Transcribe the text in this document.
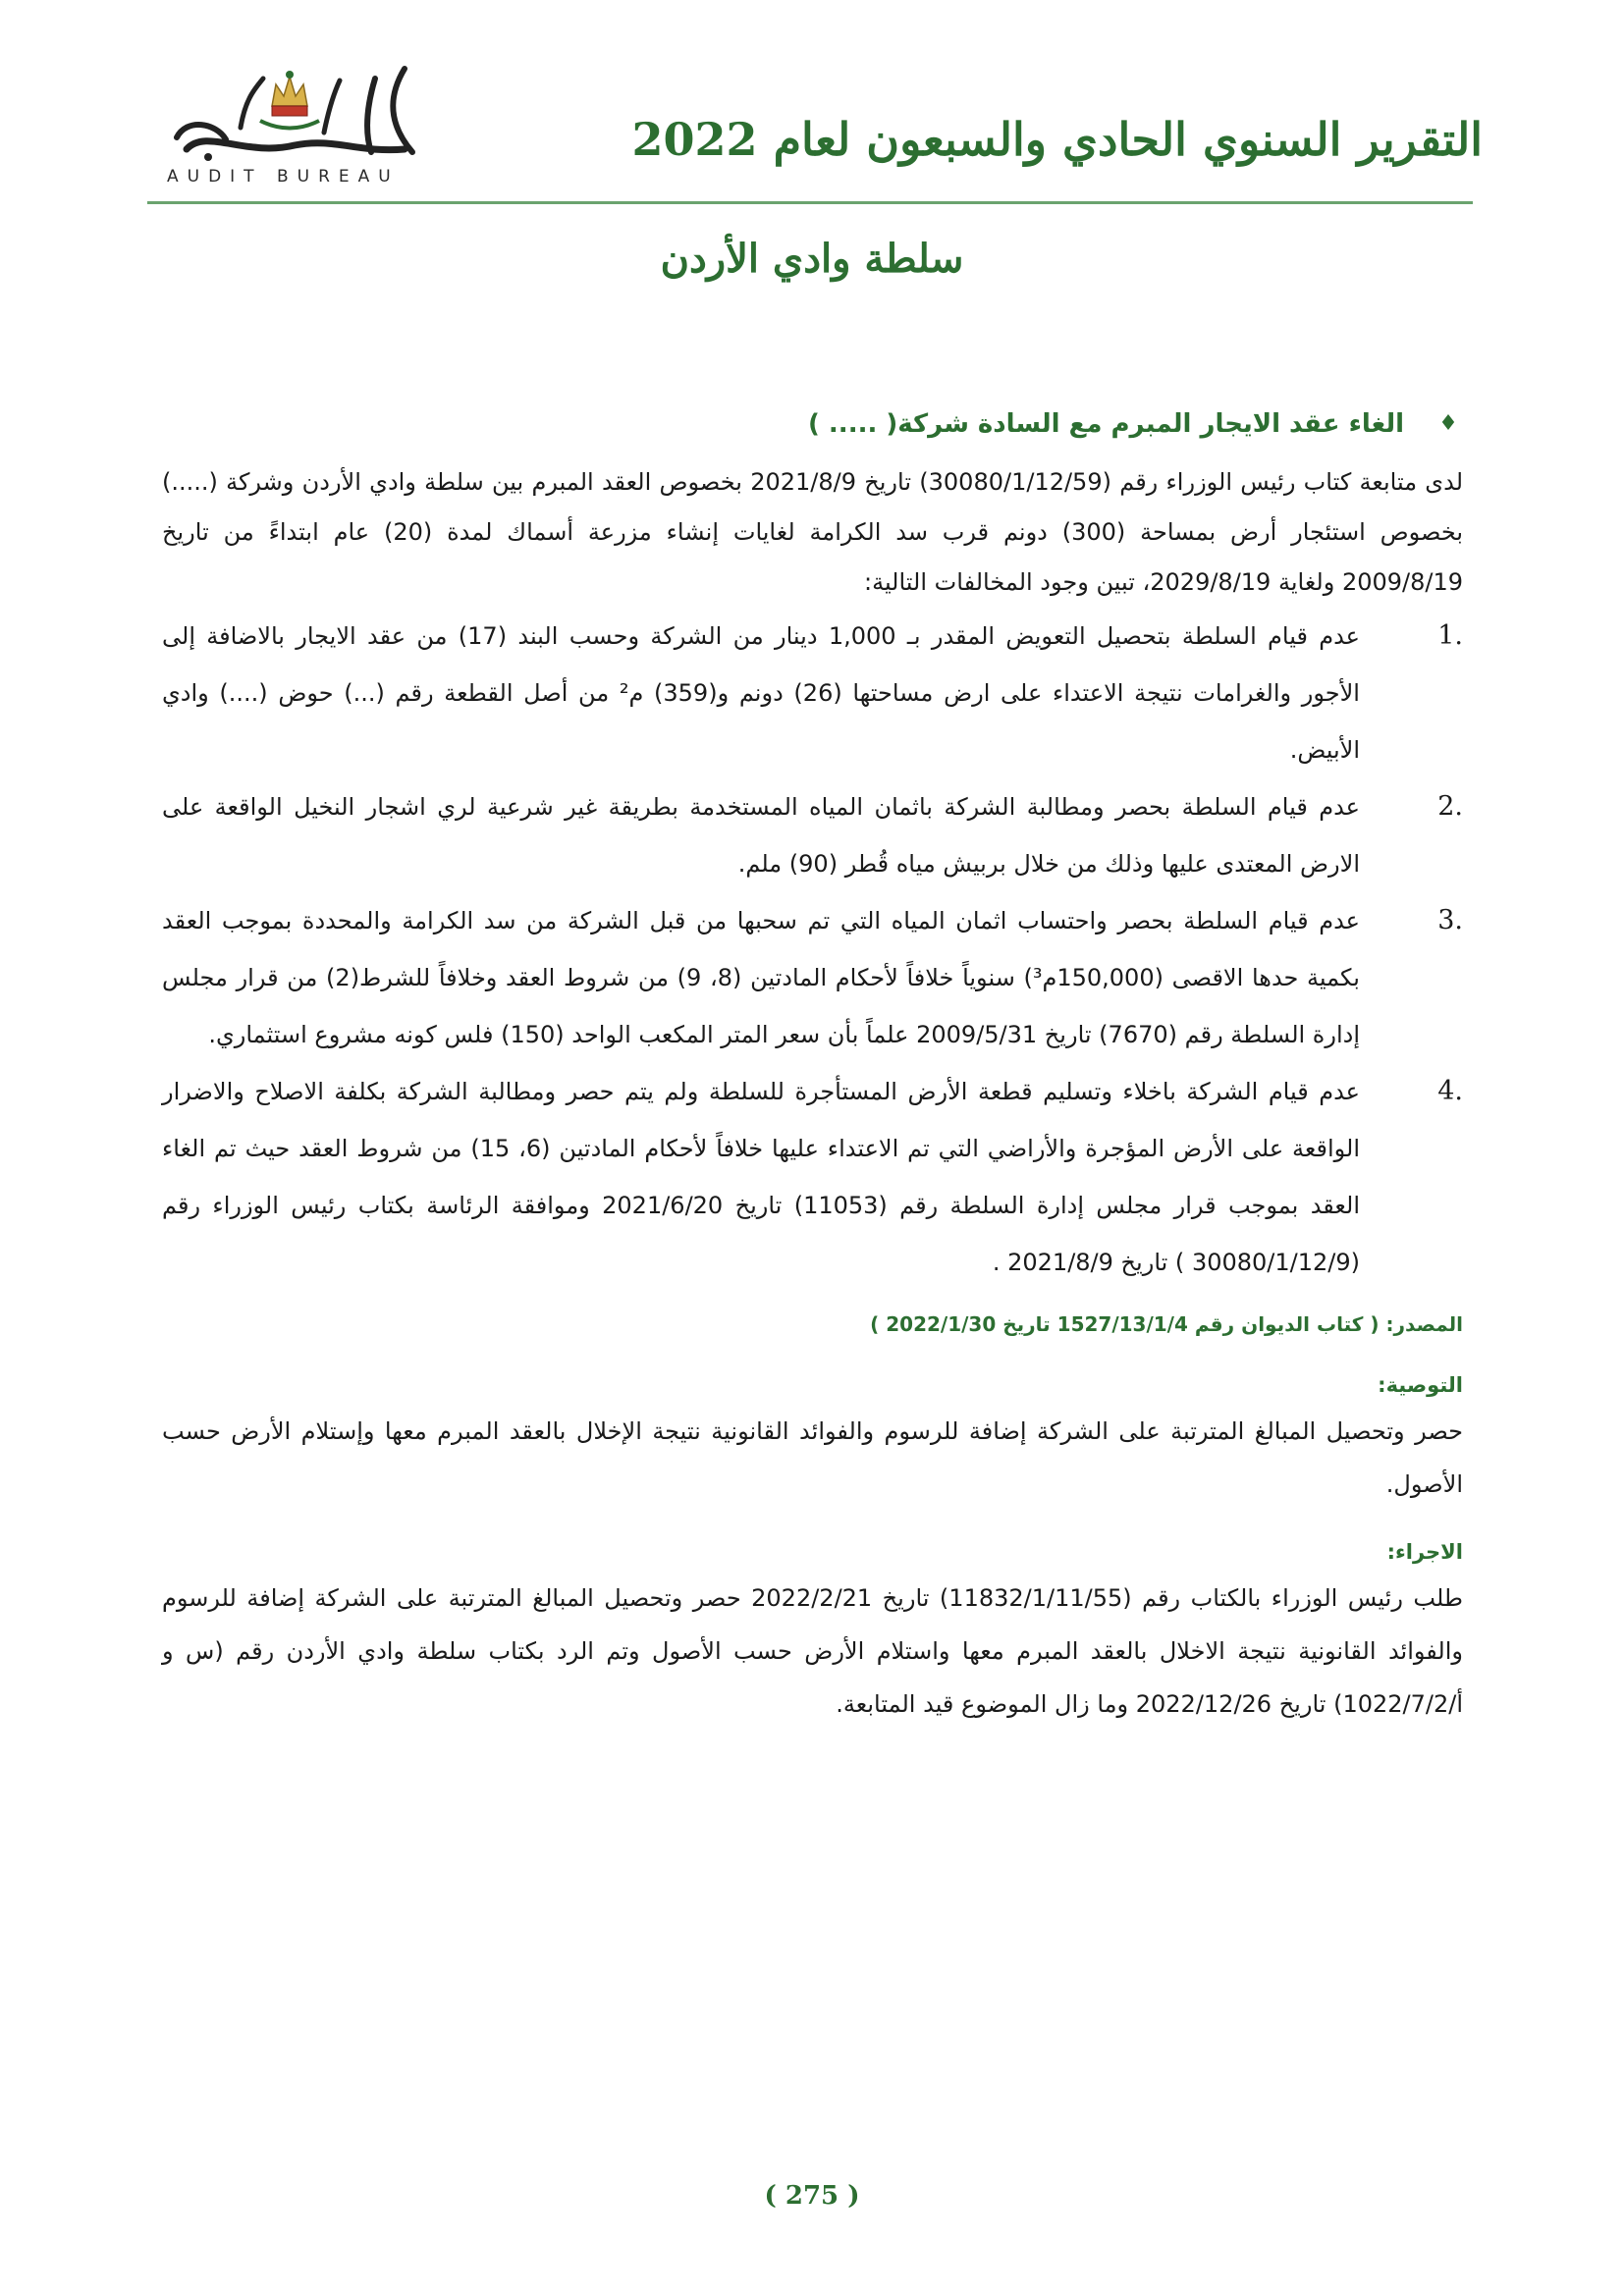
AUDIT BUREAU
التقرير السنوي الحادي والسبعون لعام 2022
سلطة وادي الأردن
♦
الغاء عقد الايجار المبرم مع السادة شركة( ..... )

لدى متابعة كتاب رئيس الوزراء رقم (30080/1/12/59) تاريخ 2021/8/9 بخصوص العقد المبرم بين سلطة وادي الأردن وشركة (.....) بخصوص استئجار أرض بمساحة (300) دونم قرب سد الكرامة لغايات إنشاء مزرعة أسماك لمدة (20) عام ابتداءً من تاريخ 2009/8/19 ولغاية 2029/8/19، تبين وجود المخالفات التالية:

1.
عدم قيام السلطة بتحصيل التعويض المقدر بـ 1,000 دينار من الشركة وحسب البند (17) من عقد الايجار بالاضافة إلى الأجور والغرامات نتيجة الاعتداء على ارض مساحتها (26) دونم و(359) م² من أصل القطعة رقم (...) حوض (....) وادي الأبيض.
2.
عدم قيام السلطة بحصر ومطالبة الشركة باثمان المياه المستخدمة بطريقة غير شرعية لري اشجار النخيل الواقعة على الارض المعتدى عليها وذلك من خلال بربيش مياه قُطر (90) ملم.
3.
عدم قيام السلطة بحصر واحتساب اثمان المياه التي تم سحبها من قبل الشركة من سد الكرامة والمحددة بموجب العقد بكمية حدها الاقصى (150,000م³) سنوياً خلافاً لأحكام المادتين (8، 9) من شروط العقد وخلافاً للشرط(2) من قرار مجلس إدارة السلطة رقم (7670) تاريخ 2009/5/31 علماً بأن سعر المتر المكعب الواحد (150) فلس كونه مشروع استثماري.
4.
عدم قيام الشركة باخلاء وتسليم قطعة الأرض المستأجرة للسلطة ولم يتم حصر ومطالبة الشركة بكلفة الاصلاح والاضرار الواقعة على الأرض المؤجرة والأراضي التي تم الاعتداء عليها خلافاً لأحكام المادتين (6، 15) من شروط العقد حيث تم الغاء العقد بموجب قرار مجلس إدارة السلطة رقم (11053) تاريخ 2021/6/20 وموافقة الرئاسة بكتاب رئيس الوزراء رقم (30080/1/12/9 ) تاريخ 2021/8/9 .
المصدر: ( كتاب الديوان رقم 1527/13/1/4 تاريخ 2022/1/30 )
التوصية:

حصر وتحصيل المبالغ المترتبة على الشركة إضافة للرسوم والفوائد القانونية نتيجة الإخلال بالعقد المبرم معها وإستلام الأرض حسب الأصول.

الاجراء:

طلب رئيس الوزراء بالكتاب رقم (11832/1/11/55) تاريخ 2022/2/21 حصر وتحصيل المبالغ المترتبة على الشركة إضافة للرسوم والفوائد القانونية نتيجة الاخلال بالعقد المبرم معها واستلام الأرض حسب الأصول وتم الرد بكتاب سلطة وادي الأردن رقم (س و أ/1022/7/2) تاريخ 2022/12/26 وما زال الموضوع قيد المتابعة.

( 275 )
